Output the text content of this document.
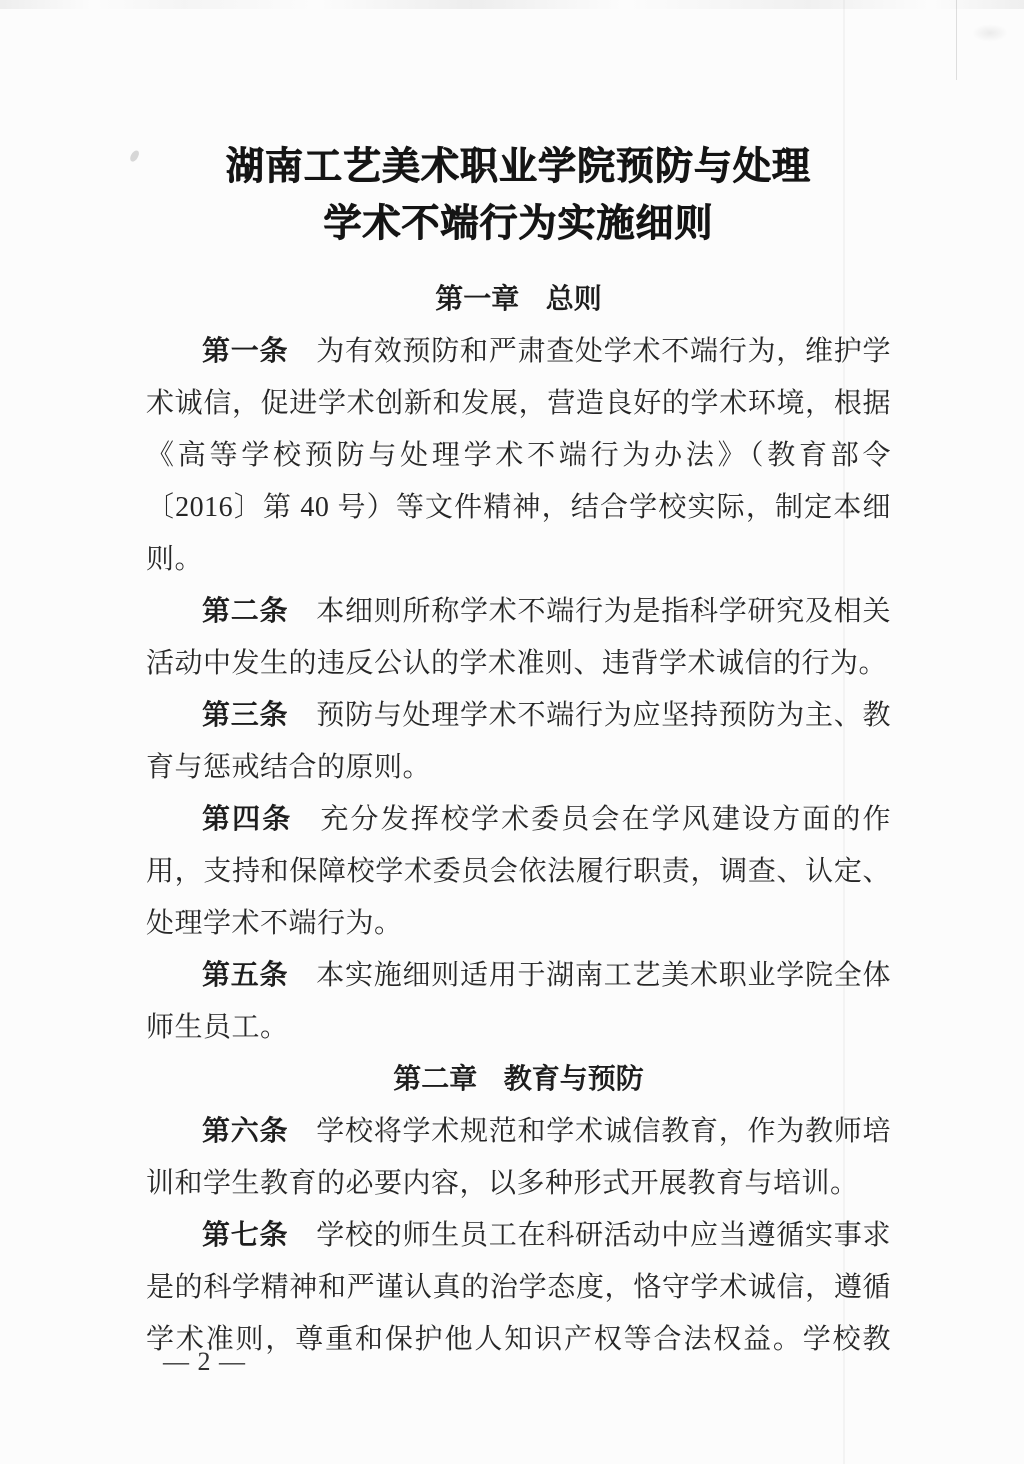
湖南工艺美术职业学院预防与处理
学术不端行为实施细则
第一章 总则

第一条 为有效预防和严肃查处学术不端行为，维护学术诚信，促进学术创新和发展，营造良好的学术环境，根据《高等学校预防与处理学术不端行为办法》（教育部令〔2016〕第 40 号）等文件精神，结合学校实际，制定本细则。

第二条 本细则所称学术不端行为是指科学研究及相关活动中发生的违反公认的学术准则、违背学术诚信的行为。

第三条 预防与处理学术不端行为应坚持预防为主、教育与惩戒结合的原则。

第四条 充分发挥校学术委员会在学风建设方面的作用，支持和保障校学术委员会依法履行职责，调查、认定、处理学术不端行为。

第五条 本实施细则适用于湖南工艺美术职业学院全体师生员工。

第二章 教育与预防

第六条 学校将学术规范和学术诚信教育，作为教师培训和学生教育的必要内容，以多种形式开展教育与培训。

第七条 学校的师生员工在科研活动中应当遵循实事求是的科学精神和严谨认真的治学态度，恪守学术诚信，遵循学术准则，尊重和保护他人知识产权等合法权益。学校教

— 2 —
